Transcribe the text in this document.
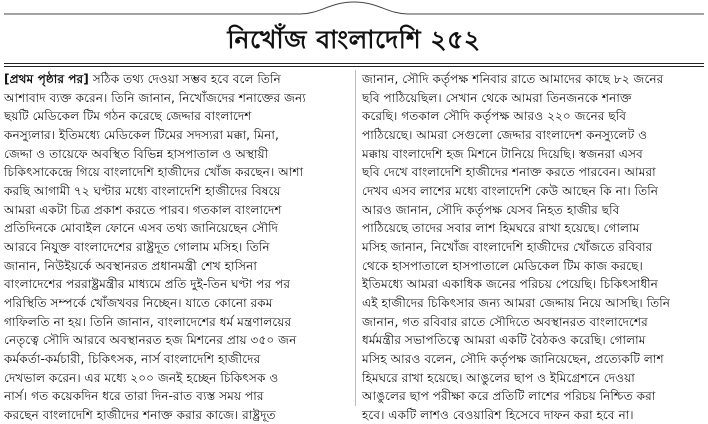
নিখোঁজ বাংলাদেশি ২৫২
[প্রথম পৃষ্ঠার পর] সঠিক তথ্য দেওয়া সম্ভব হবে বলে তিনি
আশাবাদ ব্যক্ত করেন। তিনি জানান, নিখোঁজদের শনাক্তের জন্য
ছয়টি মেডিকেল টিম গঠন করেছে জেদ্দার বাংলাদেশ
কনস্যুলার। ইতিমধ্যে মেডিকেল টিমের সদস্যরা মক্কা, মিনা,
জেদ্দা ও তায়েফে অবস্থিত বিভিন্ন হাসপাতাল ও অস্থায়ী
চিকিৎসাকেন্দ্রে গিয়ে বাংলাদেশি হাজীদের খোঁজ করছেন। আশা
করছি আগামী ৭২ ঘণ্টার মধ্যে বাংলাদেশি হাজীদের বিষয়ে
আমরা একটা চিত্র প্রকাশ করতে পারব। গতকাল বাংলাদেশ
প্রতিদিনকে মোবাইল ফোনে এসব তথ্য জানিয়েছেন সৌদি
আরবে নিযুক্ত বাংলাদেশের রাষ্ট্রদূত গোলাম মসিহ। তিনি
জানান, নিউইয়র্কে অবস্থানরত প্রধানমন্ত্রী শেখ হাসিনা
বাংলাদেশের পররাষ্ট্রমন্ত্রীর মাধ্যমে প্রতি দুই-তিন ঘণ্টা পর পর
পরিস্থিতি সম্পর্কে খোঁজখবর নিচ্ছেন। যাতে কোনো রকম
গাফিলতি না হয়। তিনি জানান, বাংলাদেশের ধর্ম মন্ত্রণালয়ের
নেতৃত্বে সৌদি আরবে অবস্থানরত হজ মিশনের প্রায় ৩৫০ জন
কর্মকর্তা-কর্মচারী, চিকিৎসক, নার্স বাংলাদেশি হাজীদের
দেখভাল করেন। এর মধ্যে ২০০ জনই হচ্ছেন চিকিৎসক ও
নার্স। গত কয়েকদিন ধরে তারা দিন-রাত ব্যস্ত সময় পার
করছেন বাংলাদেশি হাজীদের শনাক্ত করার কাজে। রাষ্ট্রদূত
জানান, সৌদি কর্তৃপক্ষ শনিবার রাতে আমাদের কাছে ৮২ জনের
ছবি পাঠিয়েছিল। সেখান থেকে আমরা তিনজনকে শনাক্ত
করেছি। গতকাল সৌদি কর্তৃপক্ষ আরও ২২০ জনের ছবি
পাঠিয়েছে। আমরা সেগুলো জেদ্দার বাংলাদেশ কনস্যুলেট ও
মক্কায় বাংলাদেশি হজ মিশনে টানিয়ে দিয়েছি। স্বজনরা এসব
ছবি দেখে বাংলাদেশি হাজীদের শনাক্ত করতে পারবেন। আমরা
দেখব এসব লাশের মধ্যে বাংলাদেশি কেউ আছেন কি না। তিনি
আরও জানান, সৌদি কর্তৃপক্ষ যেসব নিহত হাজীর ছবি
পাঠিয়েছে তাদের সবার লাশ হিমঘরে রাখা হয়েছে। গোলাম
মসিহ জানান, নিখোঁজ বাংলাদেশি হাজীদের খোঁজতে রবিবার
থেকে হাসপাতালে হাসপাতালে মেডিকেল টিম কাজ করছে।
ইতিমধ্যে আমরা একাধিক জনের পরিচয় পেয়েছি। চিকিৎসাধীন
এই হাজীদের চিকিৎসার জন্য আমরা জেদ্দায় নিয়ে আসছি। তিনি
জানান, গত রবিবার রাতে সৌদিতে অবস্থানরত বাংলাদেশের
ধর্মমন্ত্রীর সভাপতিত্বে আমরা একটি বৈঠকও করেছি। গোলাম
মসিহ আরও বলেন, সৌদি কর্তৃপক্ষ জানিয়েছেন, প্রত্যেকটি লাশ
হিমঘরে রাখা হয়েছে। আঙুলের ছাপ ও ইমিগ্রেশনে দেওয়া
আঙুলের ছাপ পরীক্ষা করে প্রতিটি লাশের পরিচয় নিশ্চিত করা
হবে। একটি লাশও বেওয়ারিশ হিসেবে দাফন করা হবে না।
